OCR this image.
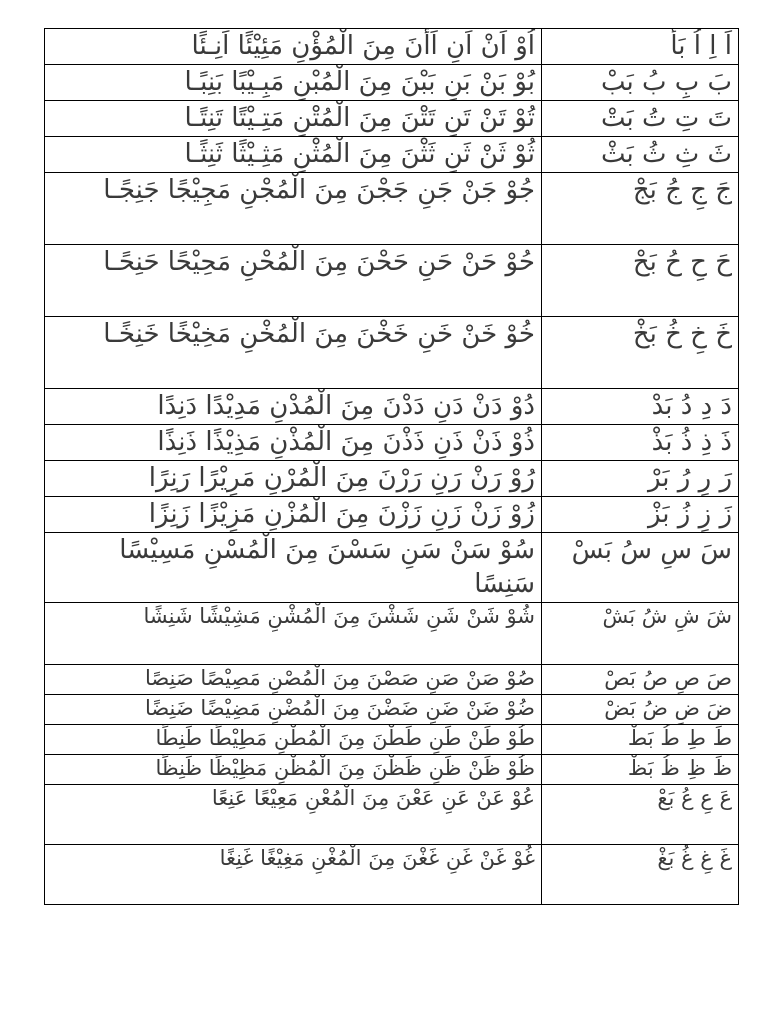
اَ اِ اُ بَأْ	اُوْ اَنْ اَنِ اَأْنَ مِنَ الْمُؤْنِ مَئِيْئًا اَنِـئًا
بَ بِ بُ بَبْ	بُوْ بَنْ بَنِ بَبْنَ مِنَ الْمُبْنِ مَبِـيْبًا بَنِبًـا
تَ تِ تُ بَتْ	تُوْ تَنْ تَنِ تَتْنَ مِنَ الْمُتْنِ مَتِـيْتًا تَنِتًـا
ثَ ثِ ثُ بَثْ	ثُوْ ثَنْ ثَنِ ثَثْنَ مِنَ الْمُثْنِ مَثِـيْثًا ثَنِثًـا
جَ جِ جُ بَجْ	جُوْ جَنْ جَنِ جَجْنَ مِنَ الْمُجْنِ مَجِيْجًا جَنِجًـا
حَ حِ حُ بَحْ	حُوْ حَنْ حَنِ حَحْنَ مِنَ الْمُحْنِ مَحِيْحًا حَنِحًـا
خَ خِ خُ بَخْ	خُوْ خَنْ خَنِ خَخْنَ مِنَ الْمُخْنِ مَخِيْخًا خَنِخًـا
دَ دِ دُ بَدْ	دُوْ دَنْ دَنِ دَدْنَ مِنَ الْمُدْنِ مَدِيْدًا دَنِدًا
ذَ ذِ ذُ بَذْ	ذُوْ ذَنْ ذَنِ ذَذْنَ مِنَ الْمُذْنِ مَذِيْذًا ذَنِذًا
رَ رِ رُ بَرْ	رُوْ رَنْ رَنِ رَرْنَ مِنَ الْمُرْنِ مَرِيْرًا رَنِرًا
زَ زِ زُ بَزْ	زُوْ زَنْ زَنِ زَزْنَ مِنَ الْمُزْنِ مَزِيْزًا زَنِزًا
سَ سِ سُ بَسْ	سُوْ سَنْ سَنِ سَسْنَ مِنَ الْمُسْنِ مَسِيْسًا سَنِسًا
شَ شِ شُ بَشْ	شُوْ شَنْ شَنِ شَشْنَ مِنَ الْمُشْنِ مَشِيْشًا شَنِشًا
صَ صِ صُ بَصْ	صُوْ صَنْ صَنِ صَصْنَ مِنَ الْمُصْنِ مَصِيْصًا صَنِصًا
ضَ ضِ ضُ بَضْ	ضُوْ ضَنْ ضَنِ ضَضْنَ مِنَ الْمُضْنِ مَضِيْضًا ضَنِضًا
طَ طِ طُ بَطْ	طُوْ طَنْ طَنِ طَطْنَ مِنَ الْمُطْنِ مَطِيْطًا طَنِطًا
ظَ ظِ ظُ بَظْ	ظُوْ ظَنْ ظَنِ ظَظْنَ مِنَ الْمُظْنِ مَظِيْظًا ظَنِظًا
عَ عِ عُ بَعْ	عُوْ عَنْ عَنِ عَعْنَ مِنَ الْمُعْنِ مَعِيْعًا عَنِعًا
غَ غِ غُ بَغْ	غُوْ غَنْ غَنِ غَغْنَ مِنَ الْمُغْنِ مَغِيْغًا غَنِغًا
